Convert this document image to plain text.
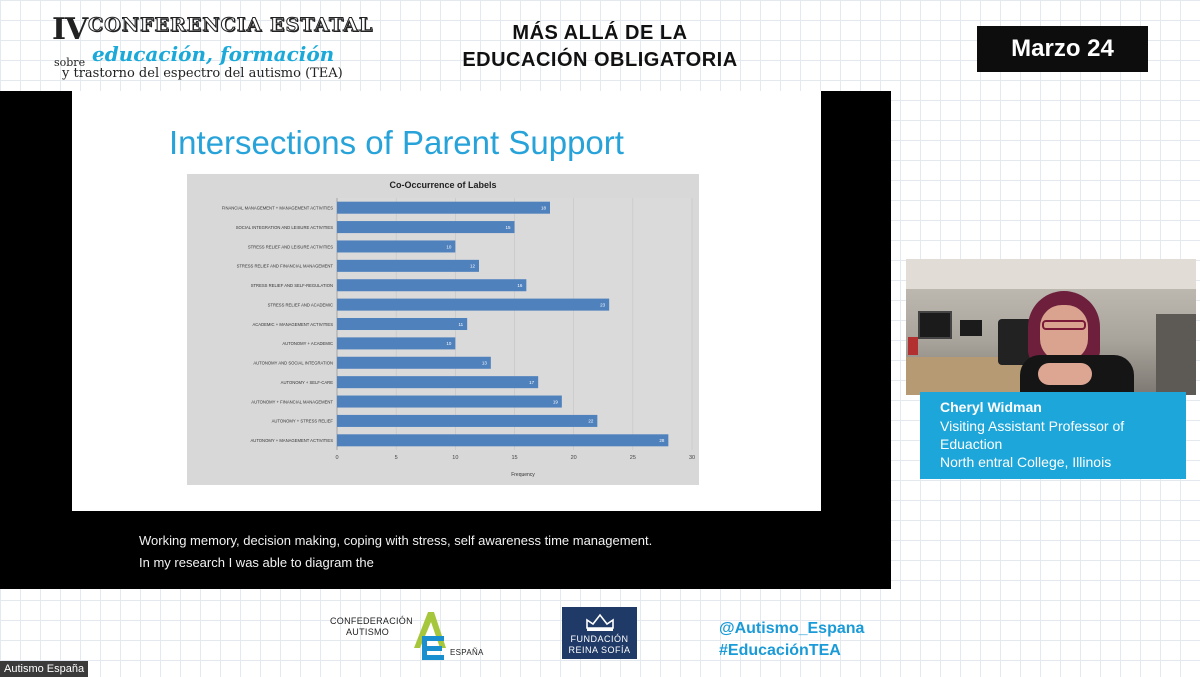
IV CONFERENCIA ESTATAL
sobre educación, formación
y trastorno del espectro del autismo (TEA)
MÁS ALLÁ DE LA
EDUCACIÓN OBLIGATORIA	Marzo 24
Intersections of Parent Support
Co-Occurrence of Labels
Frequency
0	5	10	15	20	25	30
18
FINANCIAL MANAGEMENT + MANAGEMENT ACTIVITIES
15
SOCIAL INTEGRATION AND LEISURE ACTIVITIES
10
STRESS RELIEF AND LEISURE ACTIVITIES
12
STRESS RELIEF AND FINANCIAL MANAGEMENT
16
STRESS RELIEF AND SELF-REGULATION
23
STRESS RELIEF AND ACADEMIC
11
ACADEMIC + MANAGEMENT ACTIVITIES
10
AUTONOMY + ACADEMIC
13
AUTONOMY AND SOCIAL INTEGRATION
17
AUTONOMY + SELF-CARE
19
AUTONOMY + FINANCIAL MANAGEMENT
22
AUTONOMY + STRESS RELIEF
28
AUTONOMY + MANAGEMENT ACTIVITIES
Working memory, decision making, coping with stress, self awareness time management.
In my research I was able to diagram the
Cheryl Widman
Visiting Assistant Professor of
Eduaction
North entral College, Illinois
CONFEDERACIÓN
AUTISMO
ESPAÑA
FUNDACIÓN
REINA SOFÍA
@Autismo_Espana
#EducaciónTEA
Autismo España
